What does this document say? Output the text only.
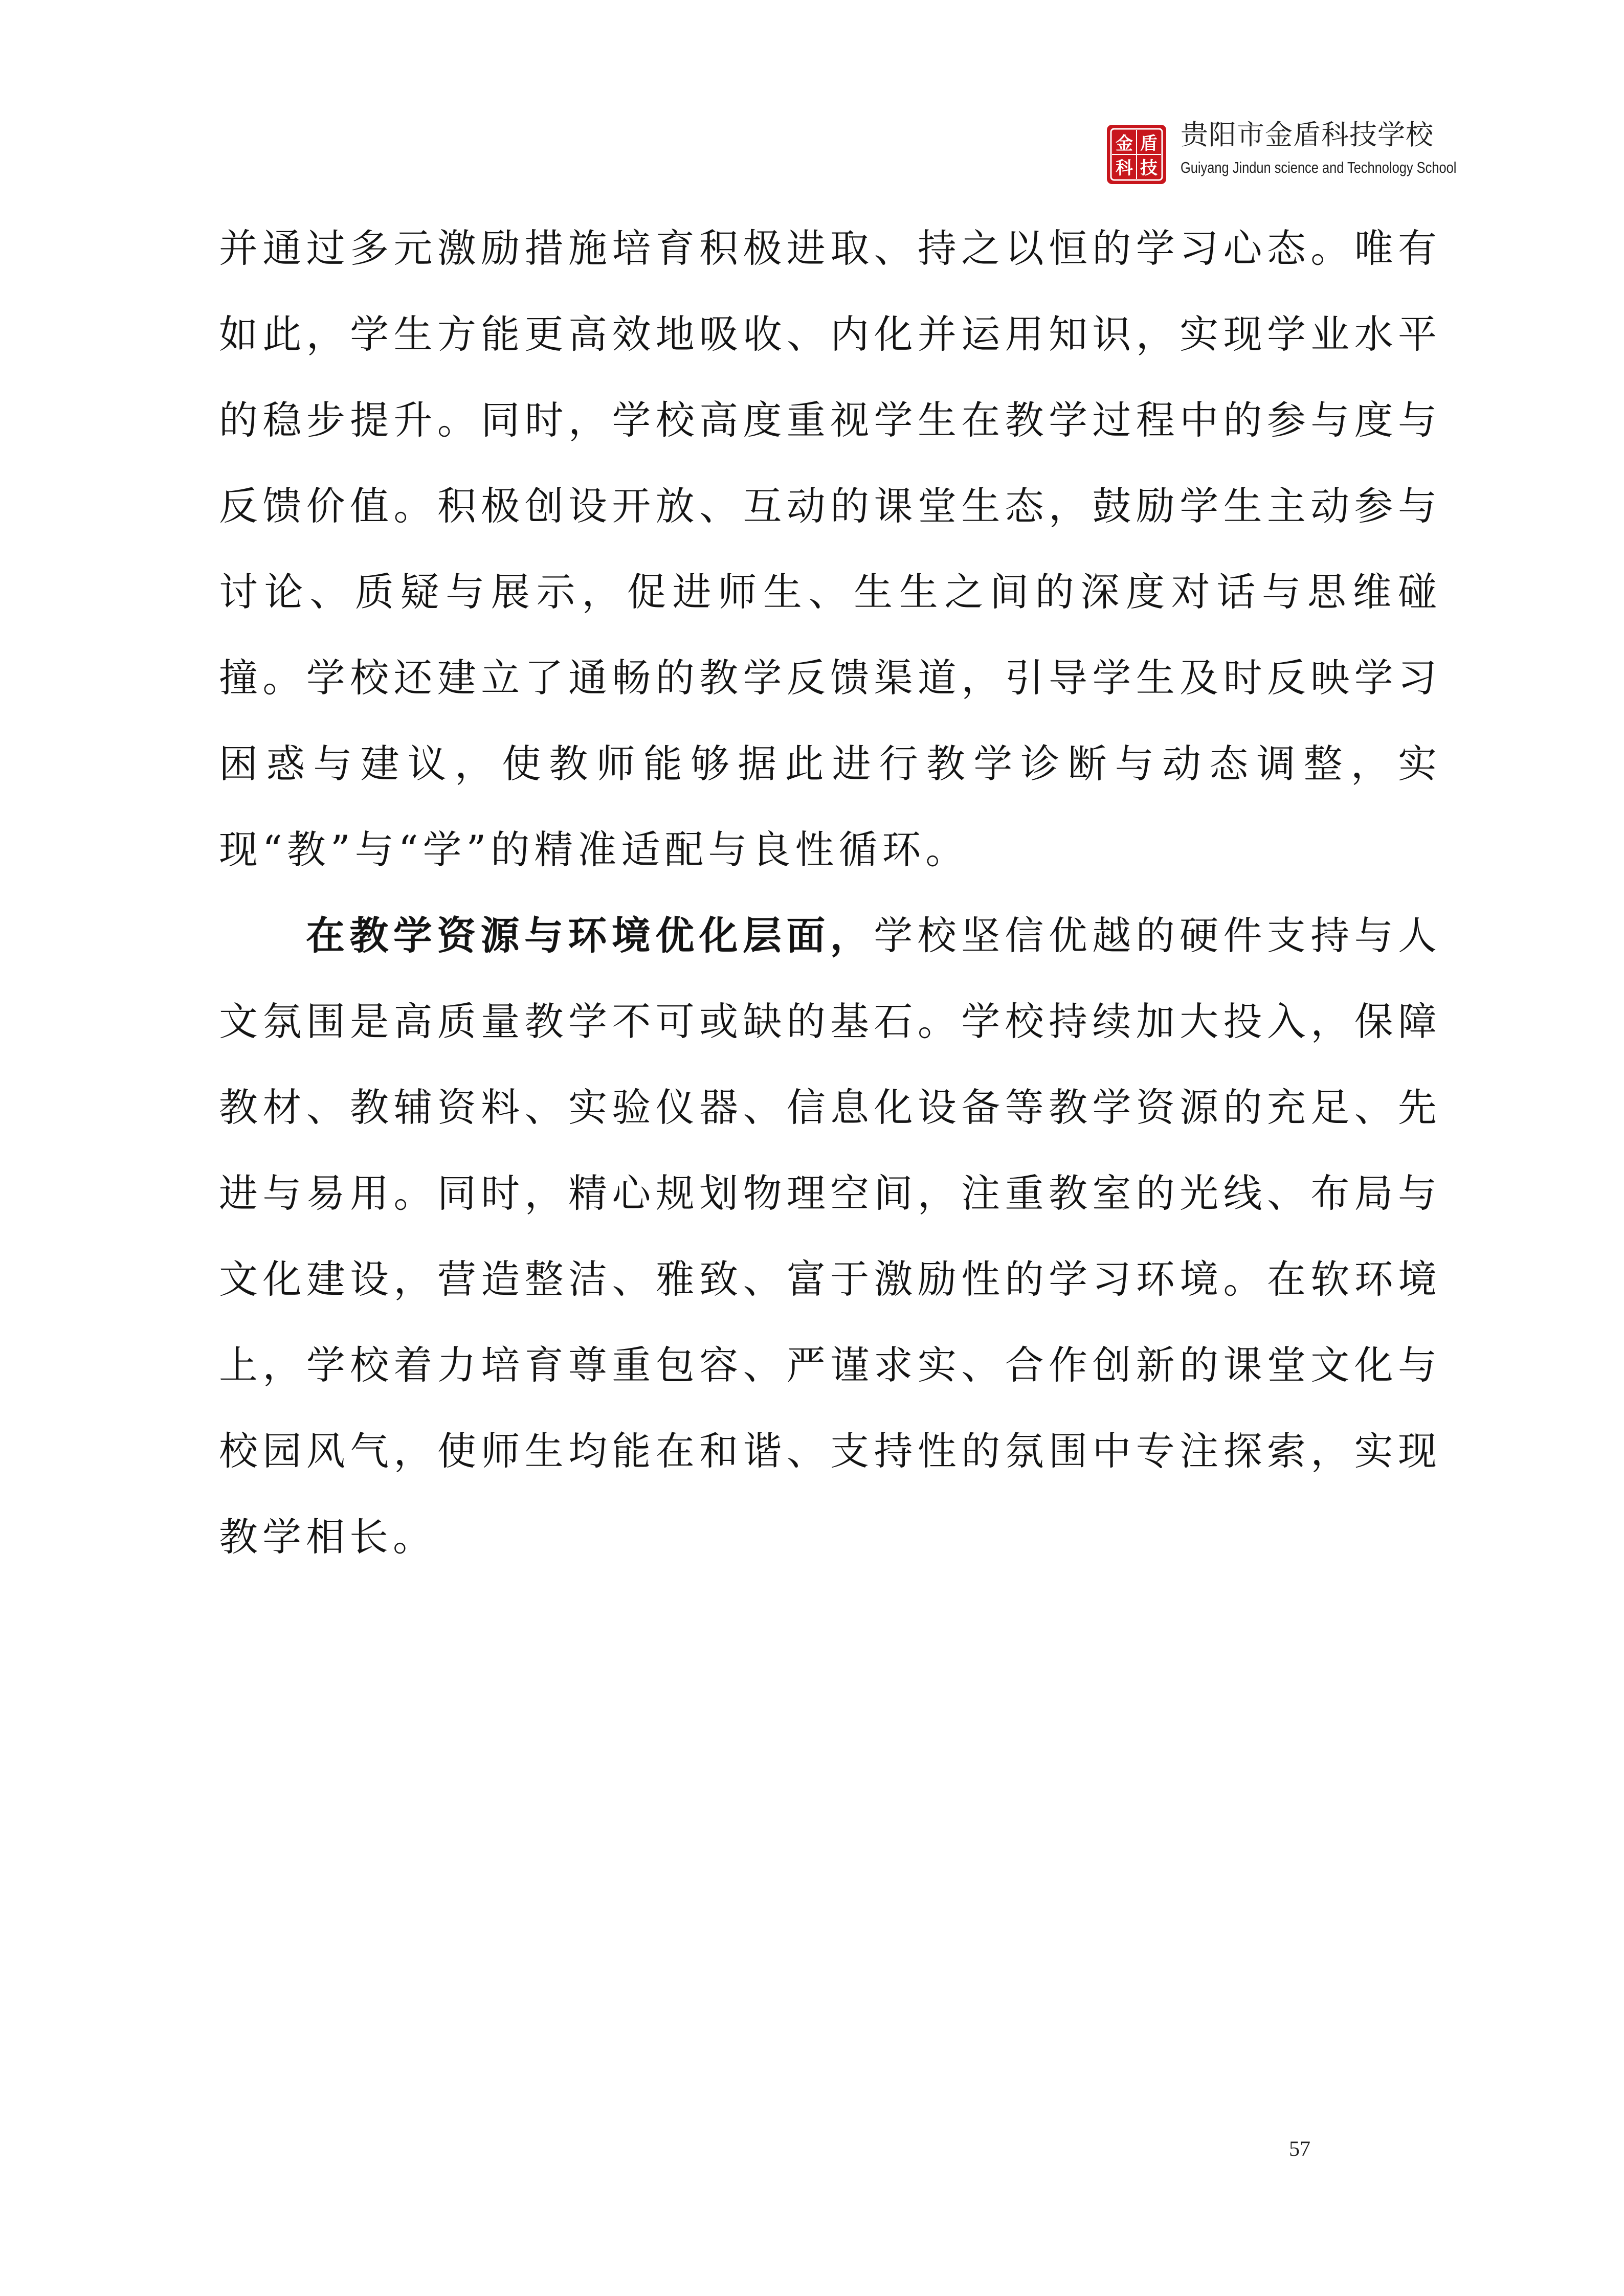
金 盾
科 技
贵阳市金盾科技学校
Guiyang Jindun science and Technology School

并通过多元激励措施培育积极进取、持之以恒的学习心态。唯有如此，学生方能更高效地吸收、内化并运用知识，实现学业水平的稳步提升。同时，学校高度重视学生在教学过程中的参与度与反馈价值。积极创设开放、互动的课堂生态，鼓励学生主动参与讨论、质疑与展示，促进师生、生生之间的深度对话与思维碰撞。学校还建立了通畅的教学反馈渠道，引导学生及时反映学习困惑与建议，使教师能够据此进行教学诊断与动态调整，实现“教”与“学”的精准适配与良性循环。

在教学资源与环境优化层面，学校坚信优越的硬件支持与人文氛围是高质量教学不可或缺的基石。学校持续加大投入，保障教材、教辅资料、实验仪器、信息化设备等教学资源的充足、先进与易用。同时，精心规划物理空间，注重教室的光线、布局与文化建设，营造整洁、雅致、富于激励性的学习环境。在软环境上，学校着力培育尊重包容、严谨求实、合作创新的课堂文化与校园风气，使师生均能在和谐、支持性的氛围中专注探索，实现教学相长。

57
